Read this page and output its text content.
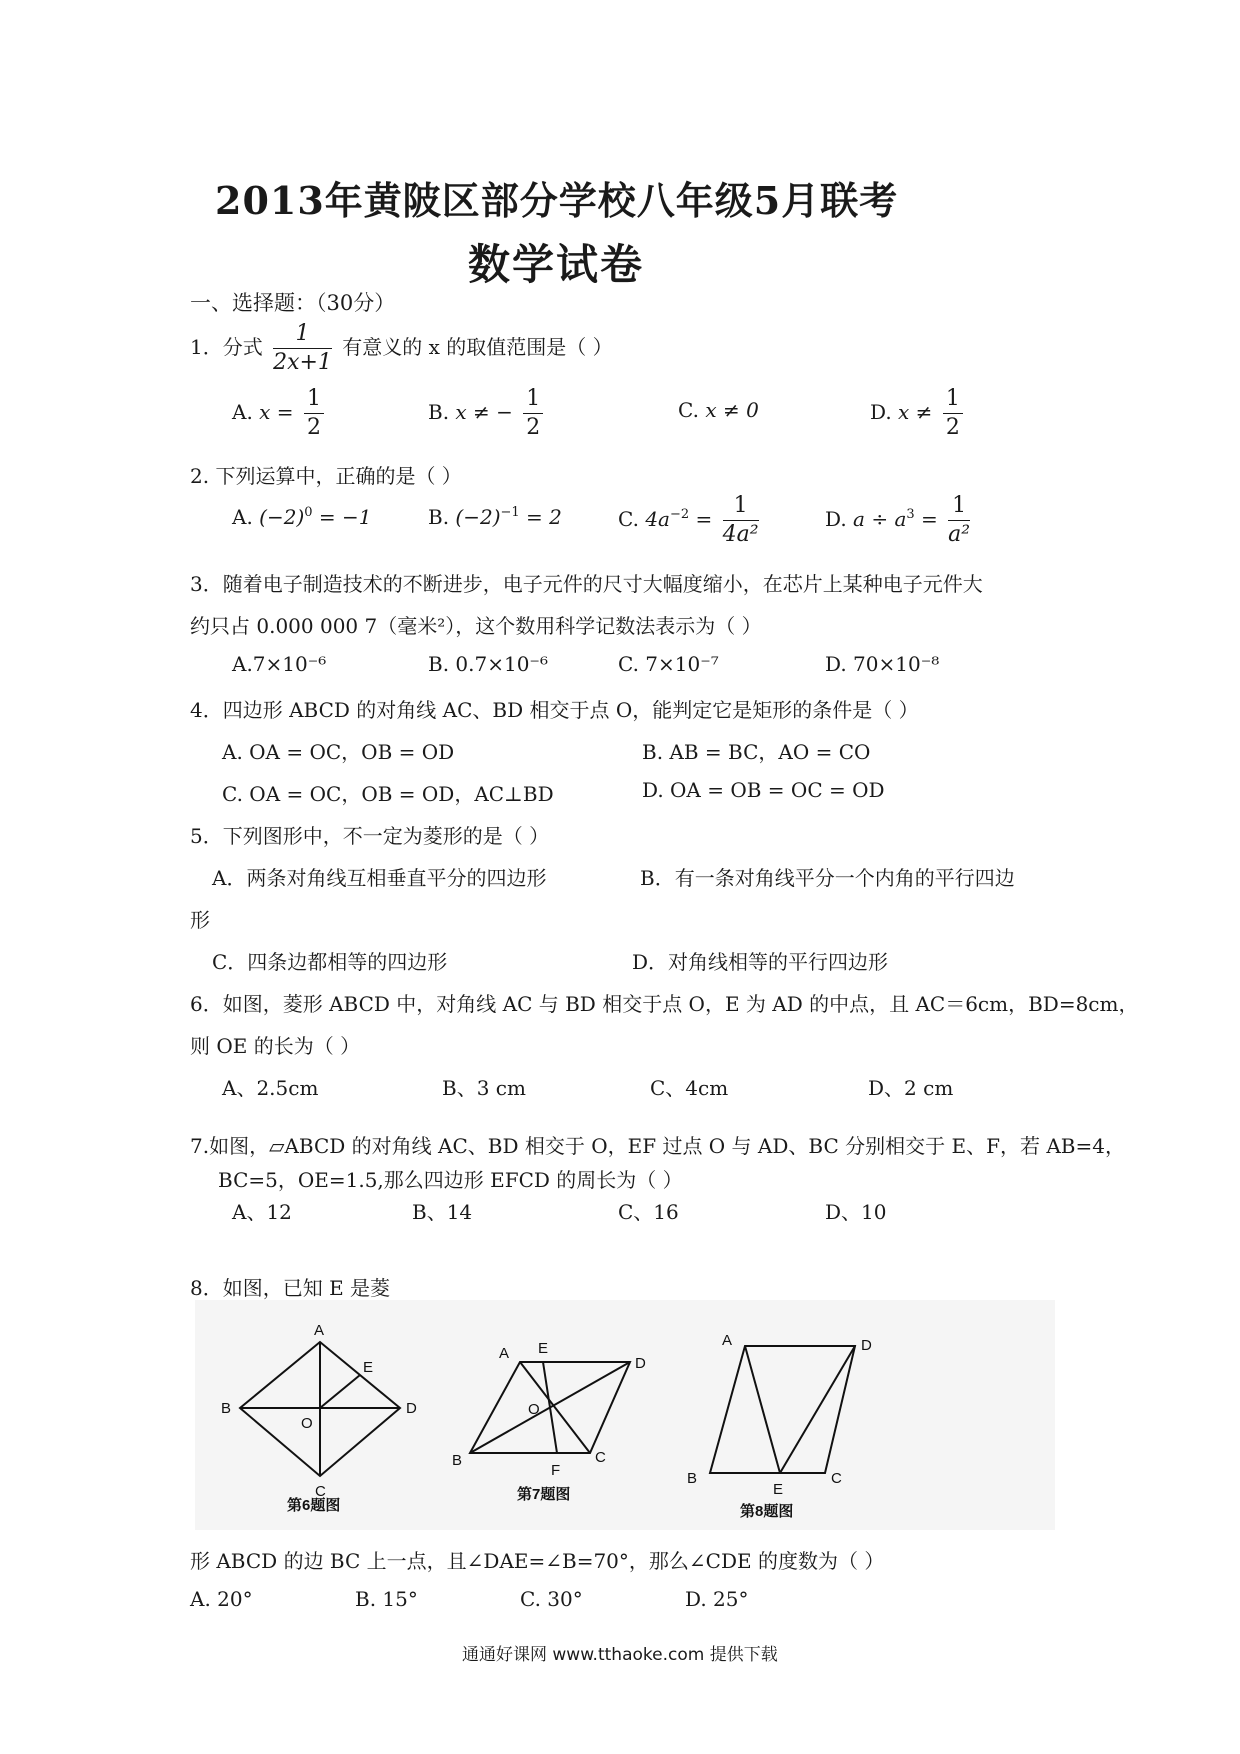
2013年黄陂区部分学校八年级5月联考
数学试卷
一、选择题：（30分）
1．分式 $\frac{1}{2x+1}$ 有意义的 x 的取值范围是（ ）
A. $x = \frac{1}{2}$	B. x ≠ − $\frac{1}{2}$	C. x ≠ 0	D. $x \ne \frac{1}{2}$
2. 下列运算中，正确的是（ ）
A. $(-2)^0 = -1$	B. $(-2)^{-1} = 2$	C. $4a^{-2} = \frac{1}{\text{4a²}}$	D. $a \div a^3 = \frac{1}{\text{a²}}$
3．随着电子制造技术的不断进步，电子元件的尺寸大幅度缩小，在芯片上某种电子元件大
约只占 0.000 000 7（毫米²），这个数用科学记数法表示为（ ）
A.7×10⁻⁶	B. 0.7×10⁻⁶	C. 7×10⁻⁷	D. 70×10⁻⁸
4．四边形 ABCD 的对角线 AC、BD 相交于点 O，能判定它是矩形的条件是（ ）
A. OA = OC，OB = OD	B. AB = BC，AO = CO
C. OA = OC，OB = OD，AC⊥BD	D. OA = OB = OC = OD
5．下列图形中，不一定为菱形的是（ ）
A．两条对角线互相垂直平分的四边形	B．有一条对角线平分一个内角的平行四边
形
C．四条边都相等的四边形	D．对角线相等的平行四边形
6．如图，菱形 ABCD 中，对角线 AC 与 BD 相交于点 O，E 为 AD 的中点，且 AC＝6cm，BD=8cm，
则 OE 的长为（ ）
A、2.5cm	B、3 cm	C、4cm	D、2 cm
7.如图，▱ABCD 的对角线 AC、BD 相交于 O，EF 过点 O 与 AD、BC 分别相交于 E、F，若 AB=4，
BC=5，OE=1.5,那么四边形 EFCD 的周长为（ ）
A、12	B、14	C、16	D、10
8．如图，已知 E 是菱
A
B
C
D
E
O
第6题图
A E
D
O
B
F
C
第7题图
A	D
B
E
C
第8题图
形 ABCD 的边 BC 上一点，且∠DAE=∠B=70°，那么∠CDE 的度数为（ ）
A. 20°	B. 15°	C. 30°	D. 25°
通通好课网 www.tthaoke.com 提供下载
